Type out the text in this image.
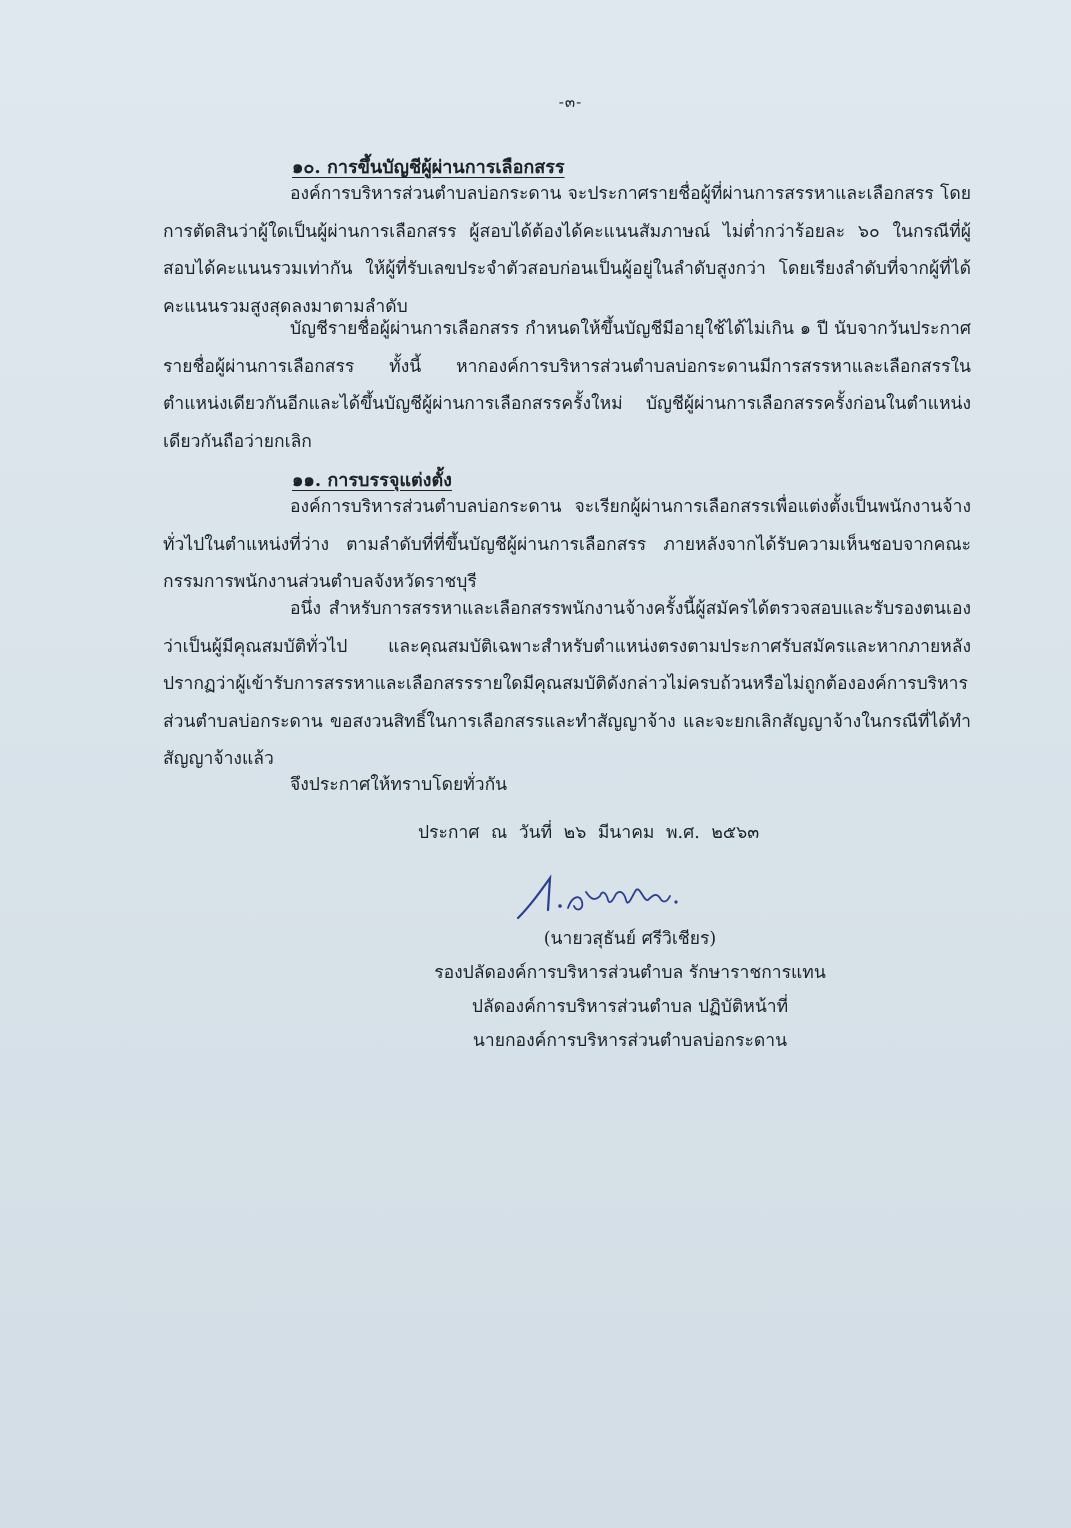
-๓-
๑๐. การขึ้นบัญชีผู้ผ่านการเลือกสรร

องค์การบริหารส่วนตำบลบ่อกระดาน จะประกาศรายชื่อผู้ที่ผ่านการสรรหาและเลือกสรร โดยการตัดสินว่าผู้ใดเป็นผู้ผ่านการเลือกสรร ผู้สอบได้ต้องได้คะแนนสัมภาษณ์ ไม่ต่ำกว่าร้อยละ ๖๐ ในกรณีที่ผู้สอบได้คะแนนรวมเท่ากัน ให้ผู้ที่รับเลขประจำตัวสอบก่อนเป็นผู้อยู่ในลำดับสูงกว่า โดยเรียงลำดับที่จากผู้ที่ได้คะแนนรวมสูงสุดลงมาตามลำดับ

บัญชีรายชื่อผู้ผ่านการเลือกสรร กำหนดให้ขึ้นบัญชีมีอายุใช้ได้ไม่เกิน ๑ ปี นับจากวันประกาศรายชื่อผู้ผ่านการเลือกสรร ทั้งนี้ หากองค์การบริหารส่วนตำบลบ่อกระดานมีการสรรหาและเลือกสรรในตำแหน่งเดียวกันอีกและได้ขึ้นบัญชีผู้ผ่านการเลือกสรรครั้งใหม่ บัญชีผู้ผ่านการเลือกสรรครั้งก่อนในตำแหน่งเดียวกันถือว่ายกเลิก

๑๑. การบรรจุแต่งตั้ง

องค์การบริหารส่วนตำบลบ่อกระดาน จะเรียกผู้ผ่านการเลือกสรรเพื่อแต่งตั้งเป็นพนักงานจ้างทั่วไปในตำแหน่งที่ว่าง ตามลำดับที่ที่ขึ้นบัญชีผู้ผ่านการเลือกสรร ภายหลังจากได้รับความเห็นชอบจากคณะกรรมการพนักงานส่วนตำบลจังหวัดราชบุรี

อนึ่ง สำหรับการสรรหาและเลือกสรรพนักงานจ้างครั้งนี้ผู้สมัครได้ตรวจสอบและรับรองตนเองว่าเป็นผู้มีคุณสมบัติทั่วไป และคุณสมบัติเฉพาะสำหรับตำแหน่งตรงตามประกาศรับสมัครและหากภายหลังปรากฏว่าผู้เข้ารับการสรรหาและเลือกสรรรายใดมีคุณสมบัติดังกล่าวไม่ครบถ้วนหรือไม่ถูกต้ององค์การบริหารส่วนตำบลบ่อกระดาน ขอสงวนสิทธิ์ในการเลือกสรรและทำสัญญาจ้าง และจะยกเลิกสัญญาจ้างในกรณีที่ได้ทำสัญญาจ้างแล้ว

จึงประกาศให้ทราบโดยทั่วกัน
ประกาศ ณ วันที่ ๒๖ มีนาคม พ.ศ. ๒๕๖๓
(นายวสุธันย์ ศรีวิเชียร)
รองปลัดองค์การบริหารส่วนตำบล รักษาราชการแทน
ปลัดองค์การบริหารส่วนตำบล ปฏิบัติหน้าที่
นายกองค์การบริหารส่วนตำบลบ่อกระดาน
